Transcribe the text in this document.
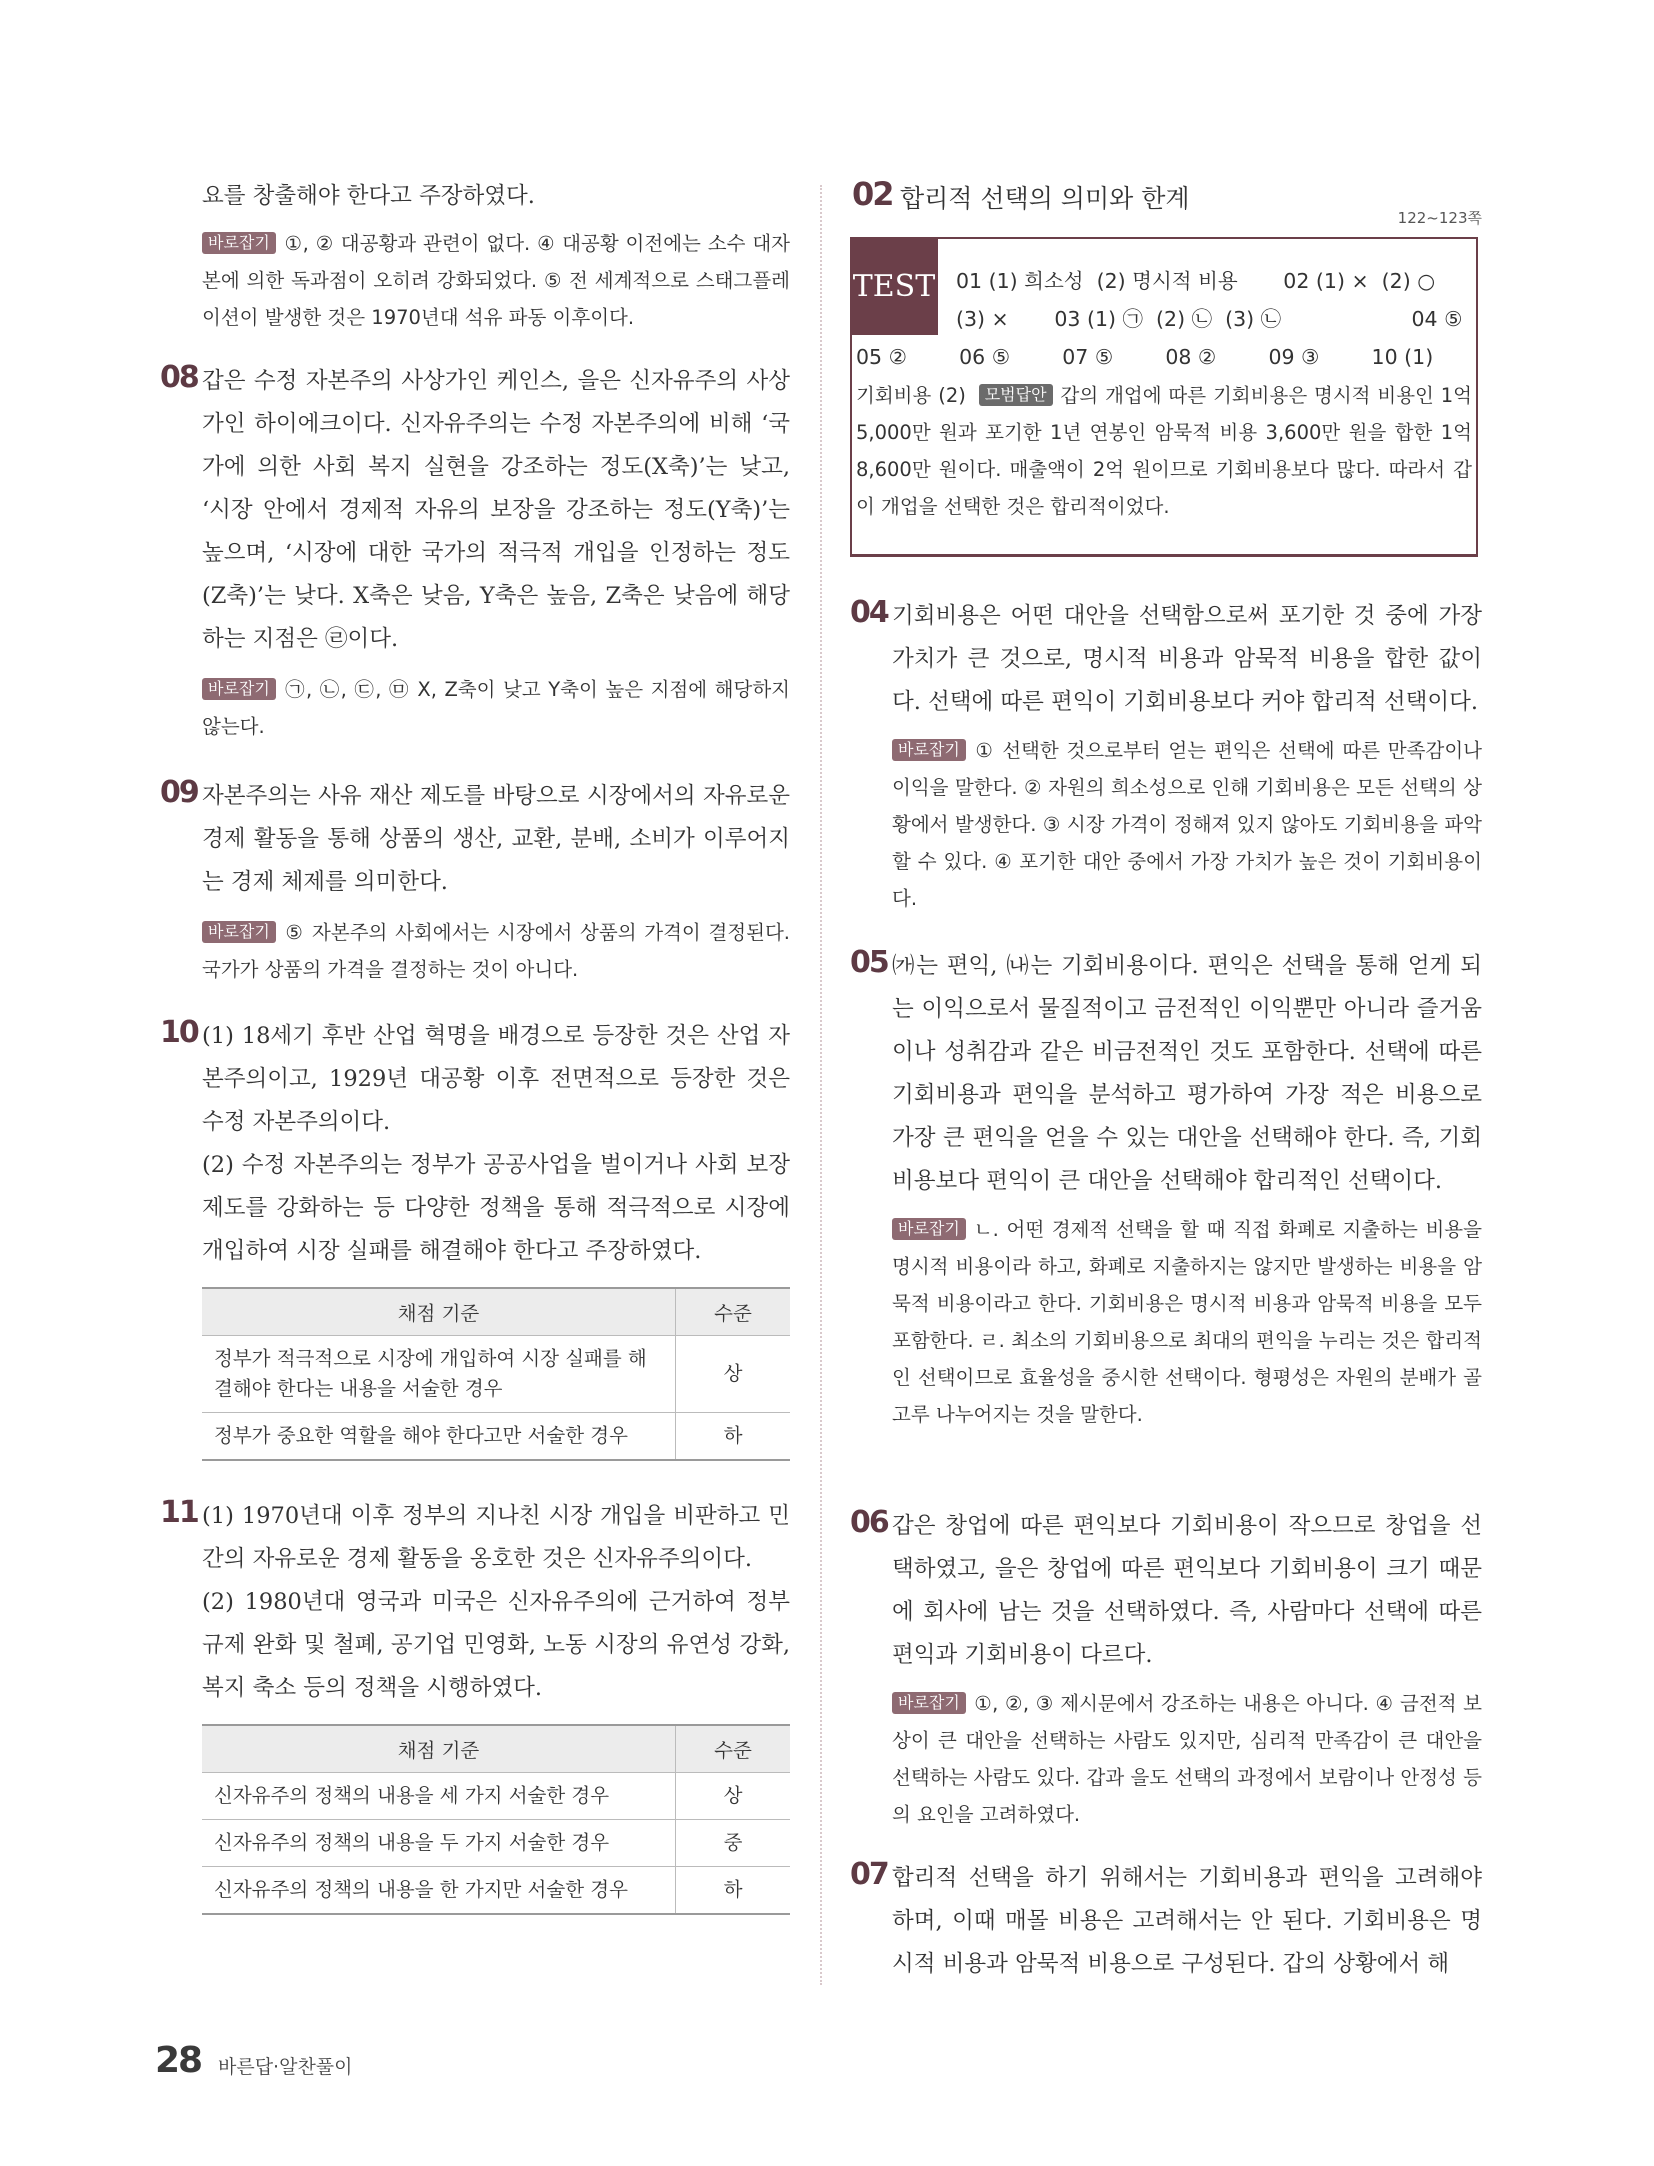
요를 창출해야 한다고 주장하였다.
바로잡기 ①, ② 대공황과 관련이 없다. ④ 대공황 이전에는 소수 대자본에 의한 독과점이 오히려 강화되었다. ⑤ 전 세계적으로 스태그플레이션이 발생한 것은 1970년대 석유 파동 이후이다.
08 갑은 수정 자본주의 사상가인 케인스, 을은 신자유주의 사상가인 하이에크이다. 신자유주의는 수정 자본주의에 비해 ‘국가에 의한 사회 복지 실현을 강조하는 정도(X축)’는 낮고, ‘시장 안에서 경제적 자유의 보장을 강조하는 정도(Y축)’는 높으며, ‘시장에 대한 국가의 적극적 개입을 인정하는 정도(Z축)’는 낮다. X축은 낮음, Y축은 높음, Z축은 낮음에 해당하는 지점은 ㉣이다.
바로잡기 ㉠, ㉡, ㉢, ㉤ X, Z축이 낮고 Y축이 높은 지점에 해당하지 않는다.
09 자본주의는 사유 재산 제도를 바탕으로 시장에서의 자유로운 경제 활동을 통해 상품의 생산, 교환, 분배, 소비가 이루어지는 경제 체제를 의미한다.
바로잡기 ⑤ 자본주의 사회에서는 시장에서 상품의 가격이 결정된다. 국가가 상품의 가격을 결정하는 것이 아니다.
10 (1) 18세기 후반 산업 혁명을 배경으로 등장한 것은 산업 자본주의이고, 1929년 대공황 이후 전면적으로 등장한 것은 수정 자본주의이다.
(2) 수정 자본주의는 정부가 공공사업을 벌이거나 사회 보장 제도를 강화하는 등 다양한 정책을 통해 적극적으로 시장에 개입하여 시장 실패를 해결해야 한다고 주장하였다.
채점 기준	수준
정부가 적극적으로 시장에 개입하여 시장 실패를 해결해야 한다는 내용을 서술한 경우	상
정부가 중요한 역할을 해야 한다고만 서술한 경우	하
11 (1) 1970년대 이후 정부의 지나친 시장 개입을 비판하고 민간의 자유로운 경제 활동을 옹호한 것은 신자유주의이다.
(2) 1980년대 영국과 미국은 신자유주의에 근거하여 정부 규제 완화 및 철폐, 공기업 민영화, 노동 시장의 유연성 강화, 복지 축소 등의 정책을 시행하였다.
채점 기준	수준
신자유주의 정책의 내용을 세 가지 서술한 경우	상
신자유주의 정책의 내용을 두 가지 서술한 경우	중
신자유주의 정책의 내용을 한 가지만 서술한 경우	하
02 합리적 선택의 의미와 한계
122~123쪽
TEST 01 (1) 희소성  (2) 명시적 비용       02 (1) ×  (2) ○
(3) ×       03 (1) ㉠  (2) ㉡  (3) ㉡                    04 ⑤
05 ②        06 ⑤        07 ⑤        08 ②        09 ③        10 (1)
기회비용 (2) 모범답안 갑의 개업에 따른 기회비용은 명시적 비용인 1억 5,000만 원과 포기한 1년 연봉인 암묵적 비용 3,600만 원을 합한 1억 8,600만 원이다. 매출액이 2억 원이므로 기회비용보다 많다. 따라서 갑이 개업을 선택한 것은 합리적이었다.
04 기회비용은 어떤 대안을 선택함으로써 포기한 것 중에 가장 가치가 큰 것으로, 명시적 비용과 암묵적 비용을 합한 값이다. 선택에 따른 편익이 기회비용보다 커야 합리적 선택이다.
바로잡기 ① 선택한 것으로부터 얻는 편익은 선택에 따른 만족감이나 이익을 말한다. ② 자원의 희소성으로 인해 기회비용은 모든 선택의 상황에서 발생한다. ③ 시장 가격이 정해져 있지 않아도 기회비용을 파악할 수 있다. ④ 포기한 대안 중에서 가장 가치가 높은 것이 기회비용이다.
05 ㈎는 편익, ㈏는 기회비용이다. 편익은 선택을 통해 얻게 되는 이익으로서 물질적이고 금전적인 이익뿐만 아니라 즐거움이나 성취감과 같은 비금전적인 것도 포함한다. 선택에 따른 기회비용과 편익을 분석하고 평가하여 가장 적은 비용으로 가장 큰 편익을 얻을 수 있는 대안을 선택해야 한다. 즉, 기회비용보다 편익이 큰 대안을 선택해야 합리적인 선택이다.
바로잡기 ㄴ. 어떤 경제적 선택을 할 때 직접 화폐로 지출하는 비용을 명시적 비용이라 하고, 화폐로 지출하지는 않지만 발생하는 비용을 암묵적 비용이라고 한다. 기회비용은 명시적 비용과 암묵적 비용을 모두 포함한다. ㄹ. 최소의 기회비용으로 최대의 편익을 누리는 것은 합리적인 선택이므로 효율성을 중시한 선택이다. 형평성은 자원의 분배가 골고루 나누어지는 것을 말한다.
06 갑은 창업에 따른 편익보다 기회비용이 작으므로 창업을 선택하였고, 을은 창업에 따른 편익보다 기회비용이 크기 때문에 회사에 남는 것을 선택하였다. 즉, 사람마다 선택에 따른 편익과 기회비용이 다르다.
바로잡기 ①, ②, ③ 제시문에서 강조하는 내용은 아니다. ④ 금전적 보상이 큰 대안을 선택하는 사람도 있지만, 심리적 만족감이 큰 대안을 선택하는 사람도 있다. 갑과 을도 선택의 과정에서 보람이나 안정성 등의 요인을 고려하였다.
07 합리적 선택을 하기 위해서는 기회비용과 편익을 고려해야 하며, 이때 매몰 비용은 고려해서는 안 된다. 기회비용은 명시적 비용과 암묵적 비용으로 구성된다. 갑의 상황에서 해
28 바른답·알찬풀이
